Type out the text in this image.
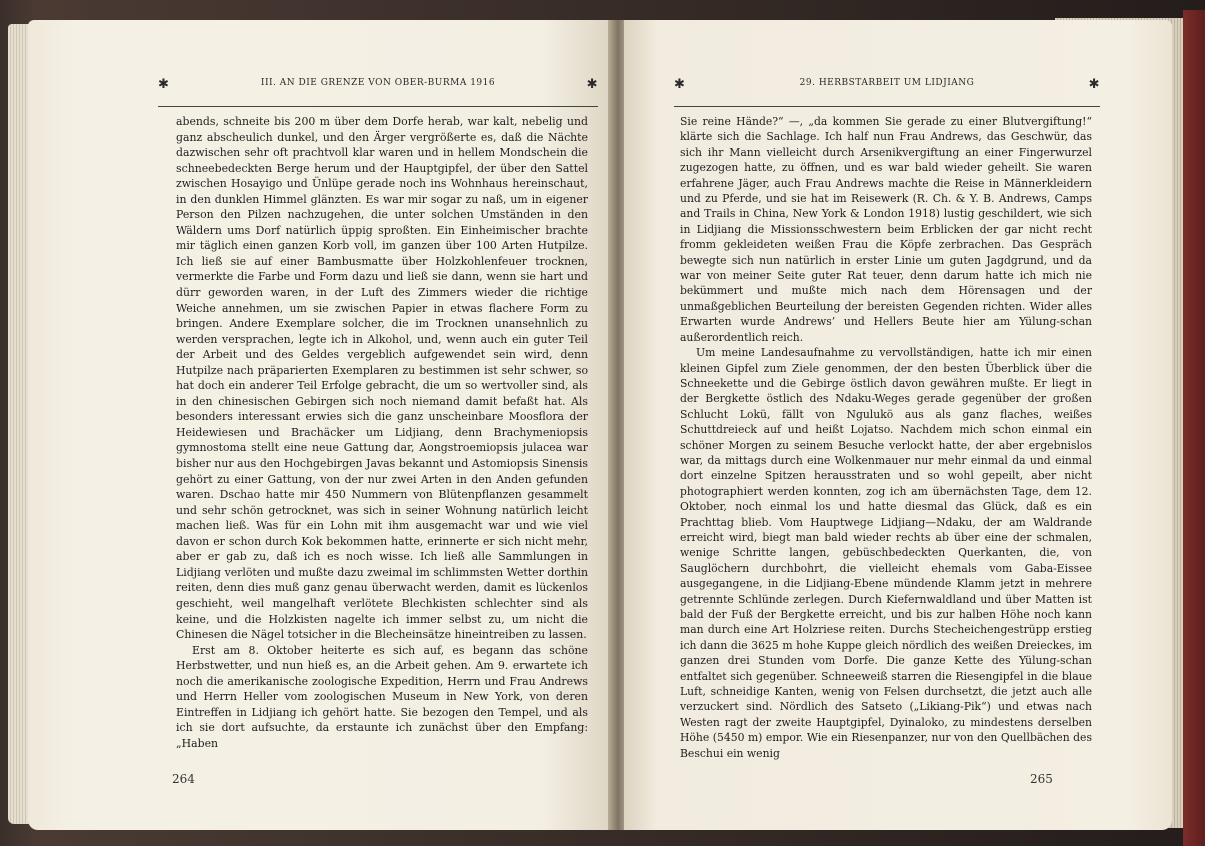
✱	III. AN DIE GRENZE VON OBER-BURMA 1916	✱

abends, schneite bis 200 m über dem Dorfe herab, war kalt, nebelig und ganz abscheulich dunkel, und den Ärger vergrößerte es, daß die Nächte dazwischen sehr oft prachtvoll klar waren und in hellem Mondschein die schneebedeckten Berge herum und der Hauptgipfel, der über den Sattel zwischen Hosayigo und Ünlüpe gerade noch ins Wohnhaus hereinschaut, in den dunklen Himmel glänzten. Es war mir sogar zu naß, um in eigener Person den Pilzen nachzugehen, die unter solchen Umständen in den Wäldern ums Dorf natürlich üppig sproßten. Ein Einheimischer brachte mir täglich einen ganzen Korb voll, im ganzen über 100 Arten Hutpilze. Ich ließ sie auf einer Bambusmatte über Holzkohlenfeuer trocknen, vermerkte die Farbe und Form dazu und ließ sie dann, wenn sie hart und dürr geworden waren, in der Luft des Zimmers wieder die richtige Weiche annehmen, um sie zwischen Papier in etwas flachere Form zu bringen. Andere Exemplare solcher, die im Trocknen unansehnlich zu werden versprachen, legte ich in Alkohol, und, wenn auch ein guter Teil der Arbeit und des Geldes vergeblich aufgewendet sein wird, denn Hutpilze nach präparierten Exemplaren zu bestimmen ist sehr schwer, so hat doch ein anderer Teil Erfolge gebracht, die um so wertvoller sind, als in den chinesischen Gebirgen sich noch niemand damit befaßt hat. Als besonders interessant erwies sich die ganz unscheinbare Moosflora der Heidewiesen und Brachäcker um Lidjiang, denn Brachymeniopsis gymnostoma stellt eine neue Gattung dar, Aongstroemiopsis julacea war bisher nur aus den Hochgebirgen Javas bekannt und Astomiopsis Sinensis gehört zu einer Gattung, von der nur zwei Arten in den Anden gefunden waren. Dschao hatte mir 450 Nummern von Blütenpflanzen gesammelt und sehr schön getrocknet, was sich in seiner Wohnung natürlich leicht machen ließ. Was für ein Lohn mit ihm ausgemacht war und wie viel davon er schon durch Kok bekommen hatte, erinnerte er sich nicht mehr, aber er gab zu, daß ich es noch wisse. Ich ließ alle Sammlungen in Lidjiang verlöten und mußte dazu zweimal im schlimmsten Wetter dorthin reiten, denn dies muß ganz genau überwacht werden, damit es lückenlos geschieht, weil mangelhaft verlötete Blechkisten schlechter sind als keine, und die Holzkisten nagelte ich immer selbst zu, um nicht die Chinesen die Nägel totsicher in die Blecheinsätze hineintreiben zu lassen.

Erst am 8. Oktober heiterte es sich auf, es begann das schöne Herbstwetter, und nun hieß es, an die Arbeit gehen. Am 9. erwartete ich noch die amerikanische zoologische Expedition, Herrn und Frau Andrews und Herrn Heller vom zoologischen Museum in New York, von deren Eintreffen in Lidjiang ich gehört hatte. Sie bezogen den Tempel, und als ich sie dort aufsuchte, da erstaunte ich zunächst über den Empfang: „Haben

264
✱	29. HERBSTARBEIT UM LIDJIANG	✱

Sie reine Hände?“ —, „da kommen Sie gerade zu einer Blutvergiftung!“ klärte sich die Sachlage. Ich half nun Frau Andrews, das Geschwür, das sich ihr Mann vielleicht durch Arsenikvergiftung an einer Fingerwurzel zugezogen hatte, zu öffnen, und es war bald wieder geheilt. Sie waren erfahrene Jäger, auch Frau Andrews machte die Reise in Männerkleidern und zu Pferde, und sie hat im Reisewerk (R. Ch. & Y. B. Andrews, Camps and Trails in China, New York & London 1918) lustig geschildert, wie sich in Lidjiang die Missionsschwestern beim Erblicken der gar nicht recht fromm gekleideten weißen Frau die Köpfe zerbrachen. Das Gespräch bewegte sich nun natürlich in erster Linie um guten Jagdgrund, und da war von meiner Seite guter Rat teuer, denn darum hatte ich mich nie bekümmert und mußte mich nach dem Hörensagen und der unmaßgeblichen Beurteilung der bereisten Gegenden richten. Wider alles Erwarten wurde Andrews’ und Hellers Beute hier am Yülung-schan außerordentlich reich.

Um meine Landesaufnahme zu vervollständigen, hatte ich mir einen kleinen Gipfel zum Ziele genommen, der den besten Überblick über die Schneekette und die Gebirge östlich davon gewähren mußte. Er liegt in der Bergkette östlich des Ndaku-Weges gerade gegenüber der großen Schlucht Lokü, fällt von Ngulukö aus als ganz flaches, weißes Schuttdreieck auf und heißt Lojatso. Nachdem mich schon einmal ein schöner Morgen zu seinem Besuche verlockt hatte, der aber ergebnislos war, da mittags durch eine Wolkenmauer nur mehr einmal da und einmal dort einzelne Spitzen herausstraten und so wohl gepeilt, aber nicht photographiert werden konnten, zog ich am übernächsten Tage, dem 12. Oktober, noch einmal los und hatte diesmal das Glück, daß es ein Prachttag blieb. Vom Hauptwege Lidjiang—Ndaku, der am Waldrande erreicht wird, biegt man bald wieder rechts ab über eine der schmalen, wenige Schritte langen, gebüschbedeckten Querkanten, die, von Sauglöchern durchbohrt, die vielleicht ehemals vom Gaba-Eissee ausgegangene, in die Lidjiang-Ebene mündende Klamm jetzt in mehrere getrennte Schlünde zerlegen. Durch Kiefernwaldland und über Matten ist bald der Fuß der Bergkette erreicht, und bis zur halben Höhe noch kann man durch eine Art Holzriese reiten. Durchs Stecheichengestrüpp erstieg ich dann die 3625 m hohe Kuppe gleich nördlich des weißen Dreieckes, im ganzen drei Stunden vom Dorfe. Die ganze Kette des Yülung-schan entfaltet sich gegenüber. Schneeweiß starren die Riesengipfel in die blaue Luft, schneidige Kanten, wenig von Felsen durchsetzt, die jetzt auch alle verzuckert sind. Nördlich des Satseto („Likiang-Pik“) und etwas nach Westen ragt der zweite Hauptgipfel, Dyinaloko, zu mindestens derselben Höhe (5450 m) empor. Wie ein Riesenpanzer, nur von den Quellbächen des Beschui ein wenig

265
